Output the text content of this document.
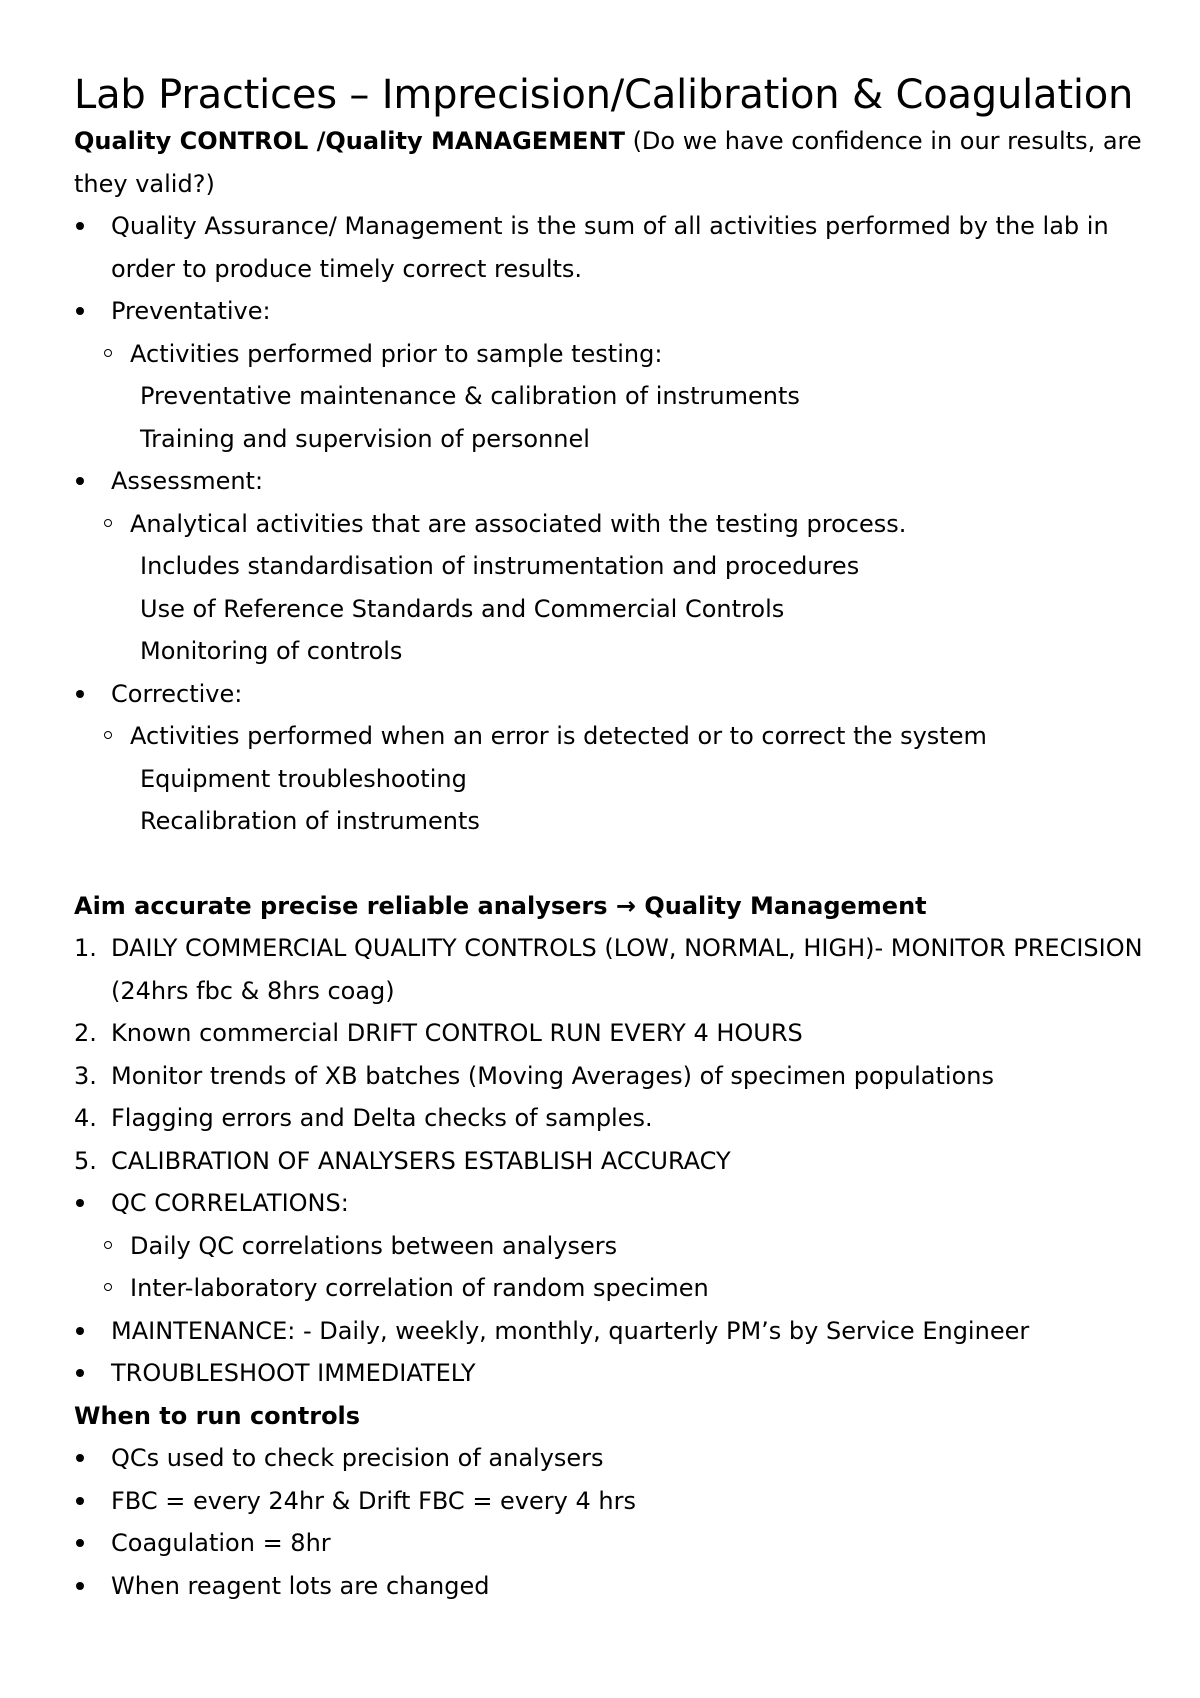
Lab Practices – Imprecision/Calibration & Coagulation

Quality CONTROL /Quality MANAGEMENT (Do we have confidence in our results, are they valid?)

Quality Assurance/ Management is the sum of all activities performed by the lab in order to produce timely correct results.
Preventative:
Activities performed prior to sample testing:
Preventative maintenance & calibration of instruments
Training and supervision of personnel
Assessment:
Analytical activities that are associated with the testing process.
Includes standardisation of instrumentation and procedures
Use of Reference Standards and Commercial Controls
Monitoring of controls
Corrective:
Activities performed when an error is detected or to correct the system
Equipment troubleshooting
Recalibration of instruments

Aim accurate precise reliable analysers → Quality Management

1. DAILY COMMERCIAL QUALITY CONTROLS (LOW, NORMAL, HIGH)- MONITOR PRECISION (24hrs fbc & 8hrs coag)
2. Known commercial DRIFT CONTROL RUN EVERY 4 HOURS
3. Monitor trends of XB batches (Moving Averages) of specimen populations
4. Flagging errors and Delta checks of samples.
5. CALIBRATION OF ANALYSERS ESTABLISH ACCURACY
QC CORRELATIONS:
Daily QC correlations between analysers
Inter-laboratory correlation of random specimen
MAINTENANCE: - Daily, weekly, monthly, quarterly PM’s by Service Engineer
TROUBLESHOOT IMMEDIATELY

When to run controls

QCs used to check precision of analysers
FBC = every 24hr & Drift FBC = every 4 hrs
Coagulation = 8hr
When reagent lots are changed
